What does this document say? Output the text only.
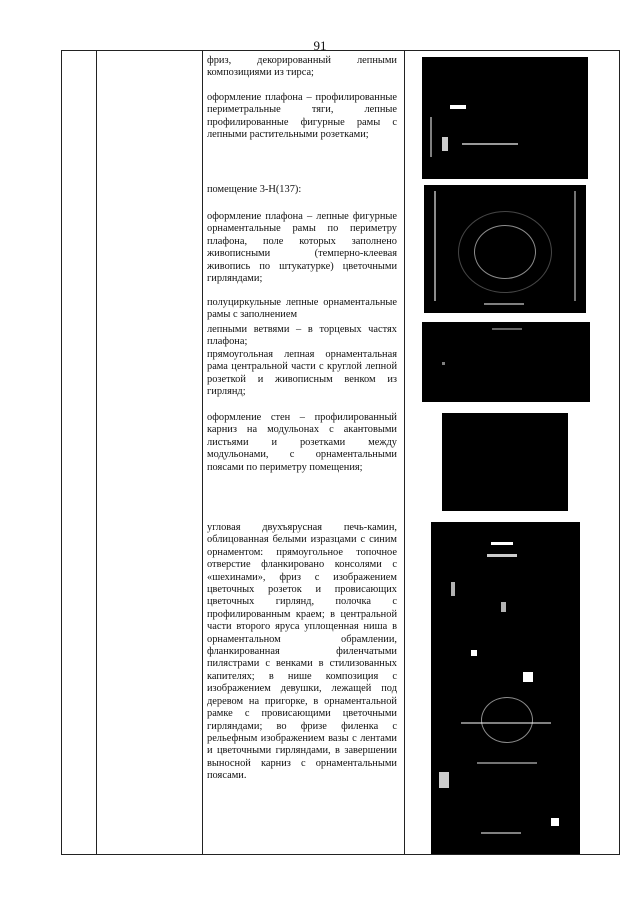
91
фриз, декорированный лепными композициями из тирса;
оформление плафона – профилированные периметральные тяги, лепные профилированные фигурные рамы с лепными растительными розетками;
помещение 3-Н(137):
оформление плафона – лепные фигурные орнаментальные рамы по периметру плафона, поле которых заполнено живописными (темперно-клеевая живопись по штукатурке) цветочными гирляндами;
полуциркульные лепные орнаментальные рамы с заполнением
лепными ветвями – в торцевых частях плафона;
прямоугольная лепная орнаментальная рама центральной части с круглой лепной розеткой и живописным венком из гирлянд;
оформление стен – профилированный карниз на модульонах с акантовыми листьями и розетками между модульонами, с орнаментальными поясами по периметру помещения;
угловая двухъярусная печь-камин, облицованная белыми изразцами с синим орнаментом: прямоугольное топочное отверстие фланкировано консолями с «шехинами», фриз с изображением цветочных розеток и провисающих цветочных гирлянд, полочка с профилированным краем; в центральной части второго яруса уплощенная ниша в орнаментальном обрамлении, фланкированная филенчатыми пилястрами с венками в стилизованных капителях; в нише композиция с изображением девушки, лежащей под деревом на пригорке, в орнаментальной рамке с провисающими цветочными гирляндами; во фризе филенка с рельефным изображением вазы с лентами и цветочными гирляндами, в завершении выносной карниз с орнаментальными поясами.
